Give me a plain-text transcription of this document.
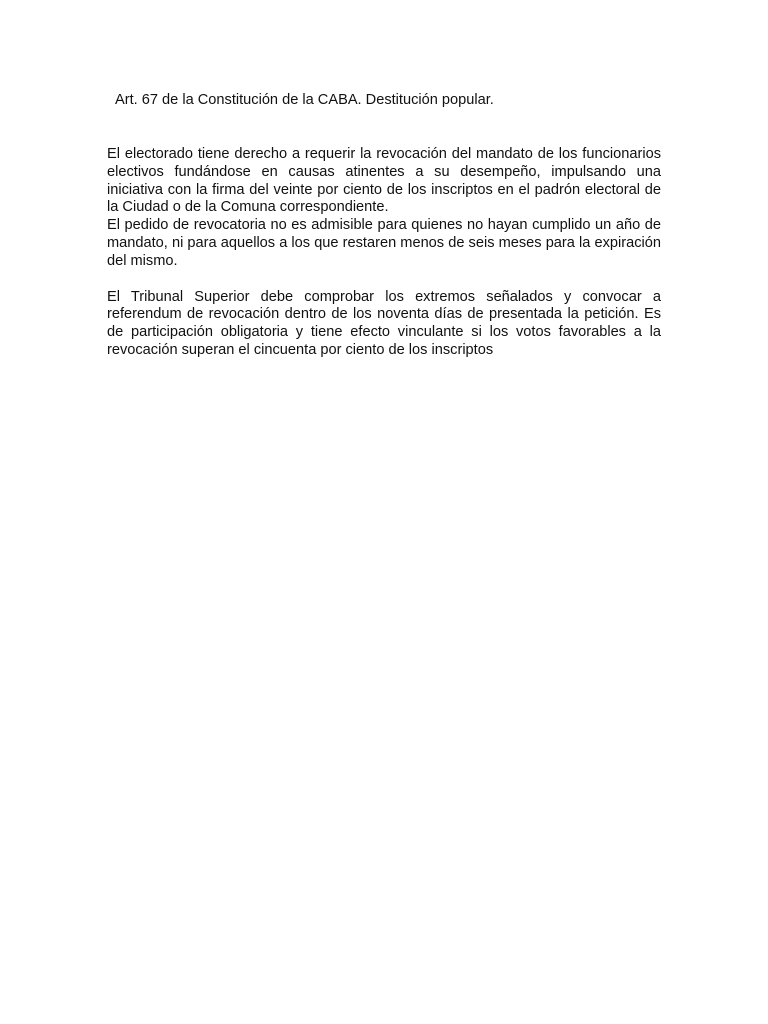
Art. 67 de la Constitución de la CABA. Destitución popular.

El electorado tiene derecho a requerir la revocación del mandato de los funcionarios electivos fundándose en causas atinentes a su desempeño, impulsando una iniciativa con la firma del veinte por ciento de los inscriptos en el padrón electoral de la Ciudad o de la Comuna correspondiente.

El pedido de revocatoria no es admisible para quienes no hayan cumplido un año de mandato, ni para aquellos a los que restaren menos de seis meses para la expiración del mismo.

El Tribunal Superior debe comprobar los extremos señalados y convocar a referendum de revocación dentro de los noventa días de presentada la petición. Es de participación obligatoria y tiene efecto vinculante si los votos favorables a la revocación superan el cincuenta por ciento de los inscriptos
